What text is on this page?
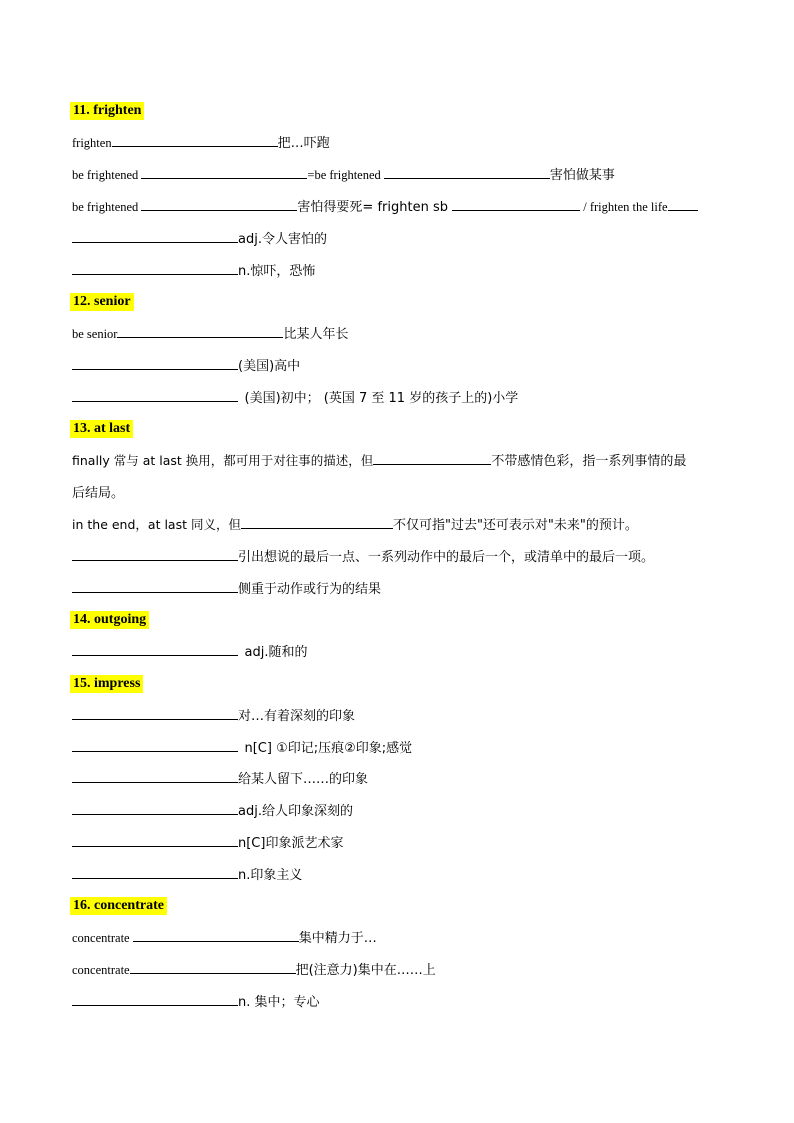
11. frighten
frighten	把…吓跑
be frightened	=be frightened	害怕做某事
be frightened	害怕得要死= frighten sb	/ frighten the life
adj.令人害怕的
n.惊吓，恐怖
12. senior
be senior	比某人年长
(美国)高中
(美国)初中； (英国 7 至 11 岁的孩子上的)小学
13. at last
finally 常与 at last 换用，都可用于对往事的描述，但	不带感情色彩，指一系列事情的最
后结局。
in the end，at last 同义，但	不仅可指"过去"还可表示对"未来"的预计。
引出想说的最后一点、一系列动作中的最后一个，或清单中的最后一项。
侧重于动作或行为的结果
14. outgoing
adj.随和的
15. impress
对…有着深刻的印象
n[C] ①印记;压痕②印象;感觉
给某人留下……的印象
adj.给人印象深刻的
n[C]印象派艺术家
n.印象主义
16. concentrate
concentrate	集中精力于…
concentrate	把(注意力)集中在……上
n. 集中；专心
